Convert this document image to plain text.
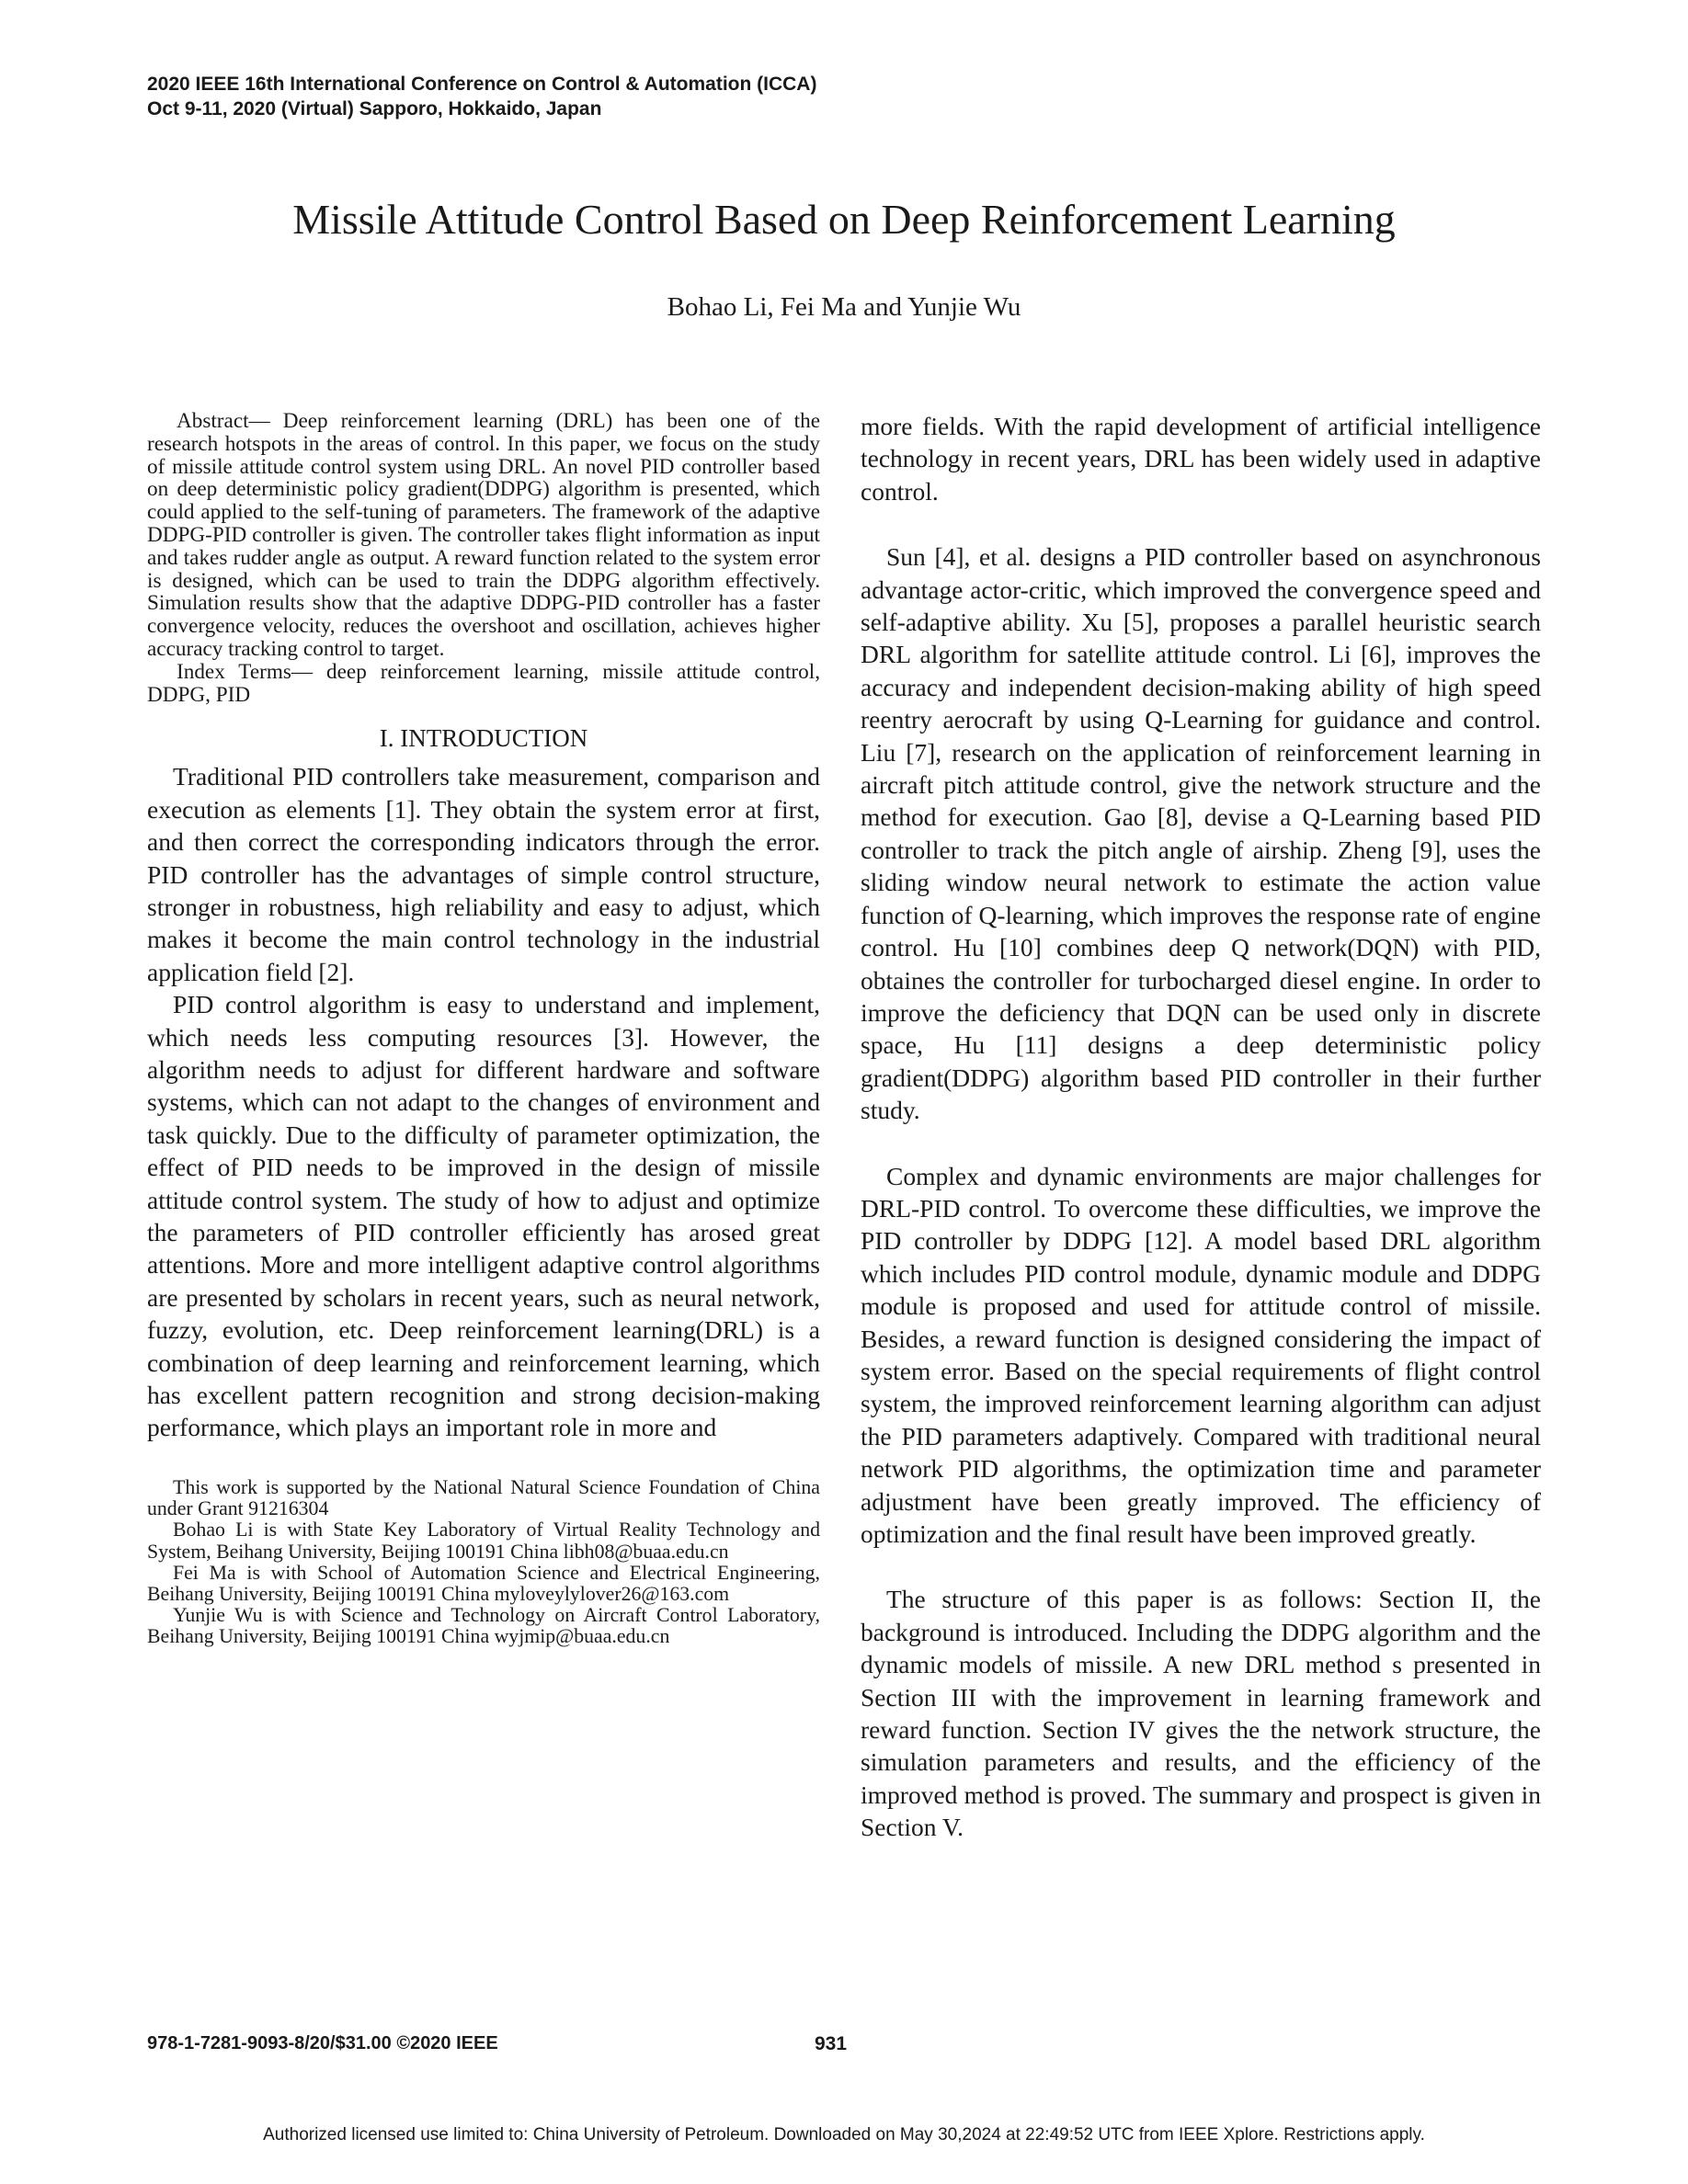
2020 IEEE 16th International Conference on Control & Automation (ICCA)
Oct 9-11, 2020 (Virtual) Sapporo, Hokkaido, Japan
Missile Attitude Control Based on Deep Reinforcement Learning
Bohao Li, Fei Ma and Yunjie Wu

Abstract— Deep reinforcement learning (DRL) has been one of the research hotspots in the areas of control. In this paper, we focus on the study of missile attitude control system using DRL. An novel PID controller based on deep deterministic policy gradient(DDPG) algorithm is presented, which could applied to the self-tuning of parameters. The framework of the adaptive DDPG-PID controller is given. The controller takes flight information as input and takes rudder angle as output. A reward function related to the system error is designed, which can be used to train the DDPG algorithm effectively. Simulation results show that the adaptive DDPG-PID controller has a faster convergence velocity, reduces the overshoot and oscillation, achieves higher accuracy tracking control to target.

Index Terms— deep reinforcement learning, missile attitude control, DDPG, PID

I. INTRODUCTION

Traditional PID controllers take measurement, comparison and execution as elements [1]. They obtain the system error at first, and then correct the corresponding indicators through the error. PID controller has the advantages of simple control structure, stronger in robustness, high reliability and easy to adjust, which makes it become the main control technology in the industrial application field [2].

PID control algorithm is easy to understand and implement, which needs less computing resources [3]. However, the algorithm needs to adjust for different hardware and software systems, which can not adapt to the changes of environment and task quickly. Due to the difficulty of parameter optimization, the effect of PID needs to be improved in the design of missile attitude control system. The study of how to adjust and optimize the parameters of PID controller efficiently has arosed great attentions. More and more intelligent adaptive control algorithms are presented by scholars in recent years, such as neural network, fuzzy, evolution, etc. Deep reinforcement learning(DRL) is a combination of deep learning and reinforcement learning, which has excellent pattern recognition and strong decision-making performance, which plays an important role in more and

This work is supported by the National Natural Science Foundation of China under Grant 91216304

Bohao Li is with State Key Laboratory of Virtual Reality Technology and System, Beihang University, Beijing 100191 China libh08@buaa.edu.cn

Fei Ma is with School of Automation Science and Electrical Engineering, Beihang University, Beijing 100191 China myloveylylover26@163.com

Yunjie Wu is with Science and Technology on Aircraft Control Laboratory, Beihang University, Beijing 100191 China wyjmip@buaa.edu.cn

more fields. With the rapid development of artificial intelligence technology in recent years, DRL has been widely used in adaptive control.

Sun [4], et al. designs a PID controller based on asynchronous advantage actor-critic, which improved the convergence speed and self-adaptive ability. Xu [5], proposes a parallel heuristic search DRL algorithm for satellite attitude control. Li [6], improves the accuracy and independent decision-making ability of high speed reentry aerocraft by using Q-Learning for guidance and control. Liu [7], research on the application of reinforcement learning in aircraft pitch attitude control, give the network structure and the method for execution. Gao [8], devise a Q-Learning based PID controller to track the pitch angle of airship. Zheng [9], uses the sliding window neural network to estimate the action value function of Q-learning, which improves the response rate of engine control. Hu [10] combines deep Q network(DQN) with PID, obtaines the controller for turbocharged diesel engine. In order to improve the deficiency that DQN can be used only in discrete space, Hu [11] designs a deep deterministic policy gradient(DDPG) algorithm based PID controller in their further study.

Complex and dynamic environments are major challenges for DRL-PID control. To overcome these difficulties, we improve the PID controller by DDPG [12]. A model based DRL algorithm which includes PID control module, dynamic module and DDPG module is proposed and used for attitude control of missile. Besides, a reward function is designed considering the impact of system error. Based on the special requirements of flight control system, the improved reinforcement learning algorithm can adjust the PID parameters adaptively. Compared with traditional neural network PID algorithms, the optimization time and parameter adjustment have been greatly improved. The efficiency of optimization and the final result have been improved greatly.

The structure of this paper is as follows: Section II, the background is introduced. Including the DDPG algorithm and the dynamic models of missile. A new DRL method s presented in Section III with the improvement in learning framework and reward function. Section IV gives the the network structure, the simulation parameters and results, and the efficiency of the improved method is proved. The summary and prospect is given in Section V.

978-1-7281-9093-8/20/$31.00 ©2020 IEEE	931
Authorized licensed use limited to: China University of Petroleum. Downloaded on May 30,2024 at 22:49:52 UTC from IEEE Xplore. Restrictions apply.
